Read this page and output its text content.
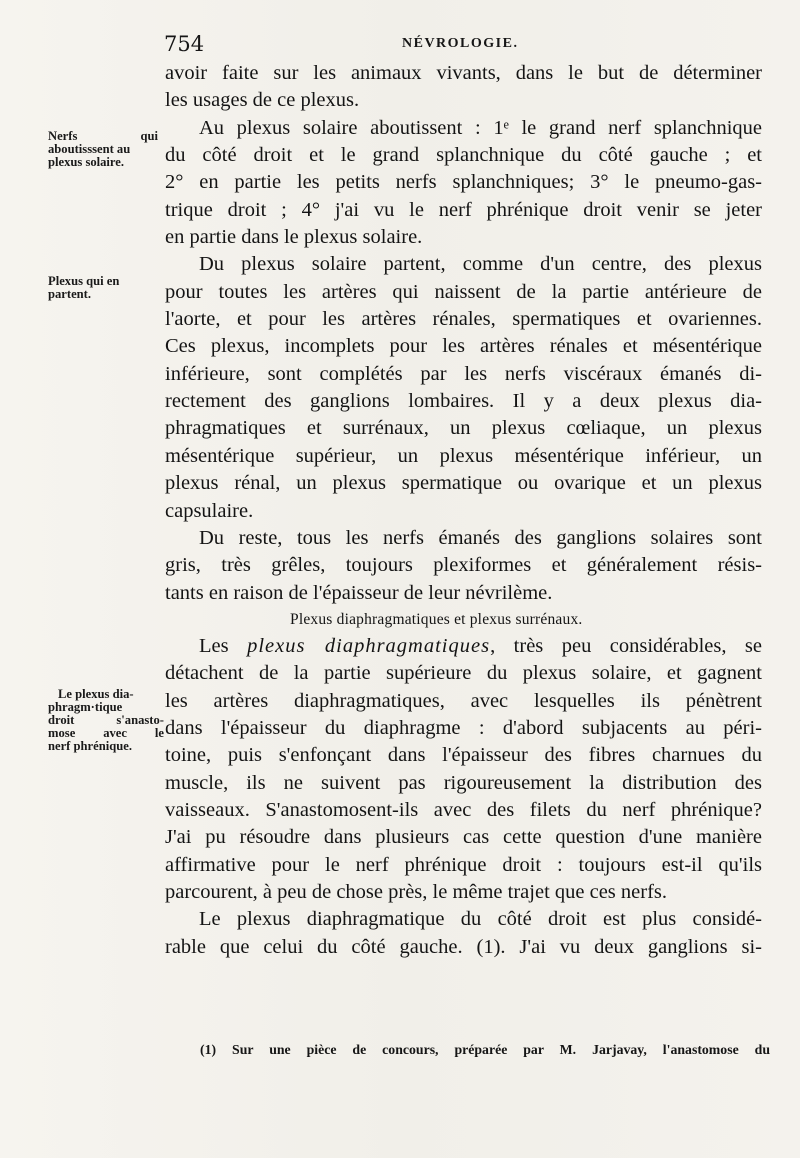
754	NÉVROLOGIE.
Nerfs qui
aboutisssent au
plexus solaire.
Plexus qui en
partent.
Le plexus dia-
phragm·tique
droit s'anasto-
mose avec le
nerf phrénique.
avoir faite sur les animaux vivants, dans le but de déterminer
les usages de ce plexus.
Au plexus solaire aboutissent : 1ᵉ le grand nerf splanchnique
du côté droit et le grand splanchnique du côté gauche ; et
2° en partie les petits nerfs splanchniques; 3° le pneumo-gas-
trique droit ; 4° j'ai vu le nerf phrénique droit venir se jeter
en partie dans le plexus solaire.
Du plexus solaire partent, comme d'un centre, des plexus
pour toutes les artères qui naissent de la partie antérieure de
l'aorte, et pour les artères rénales, spermatiques et ovariennes.
Ces plexus, incomplets pour les artères rénales et mésentérique
inférieure, sont complétés par les nerfs viscéraux émanés di-
rectement des ganglions lombaires. Il y a deux plexus dia-
phragmatiques et surrénaux, un plexus cœliaque, un plexus
mésentérique supérieur, un plexus mésentérique inférieur, un
plexus rénal, un plexus spermatique ou ovarique et un plexus
capsulaire.
Du reste, tous les nerfs émanés des ganglions solaires sont
gris, très grêles, toujours plexiformes et généralement résis-
tants en raison de l'épaisseur de leur névrilème.
Plexus diaphragmatiques et plexus surrénaux.
Les plexus diaphragmatiques, très peu considérables, se
détachent de la partie supérieure du plexus solaire, et gagnent
les artères diaphragmatiques, avec lesquelles ils pénètrent
dans l'épaisseur du diaphragme : d'abord subjacents au péri-
toine, puis s'enfonçant dans l'épaisseur des fibres charnues du
muscle, ils ne suivent pas rigoureusement la distribution des
vaisseaux. S'anastomosent-ils avec des filets du nerf phrénique?
J'ai pu résoudre dans plusieurs cas cette question d'une manière
affirmative pour le nerf phrénique droit : toujours est-il qu'ils
parcourent, à peu de chose près, le même trajet que ces nerfs.
Le plexus diaphragmatique du côté droit est plus considé-
rable que celui du côté gauche. (1). J'ai vu deux ganglions si-
(1) Sur une pièce de concours, préparée par M. Jarjavay, l'anastomose du
